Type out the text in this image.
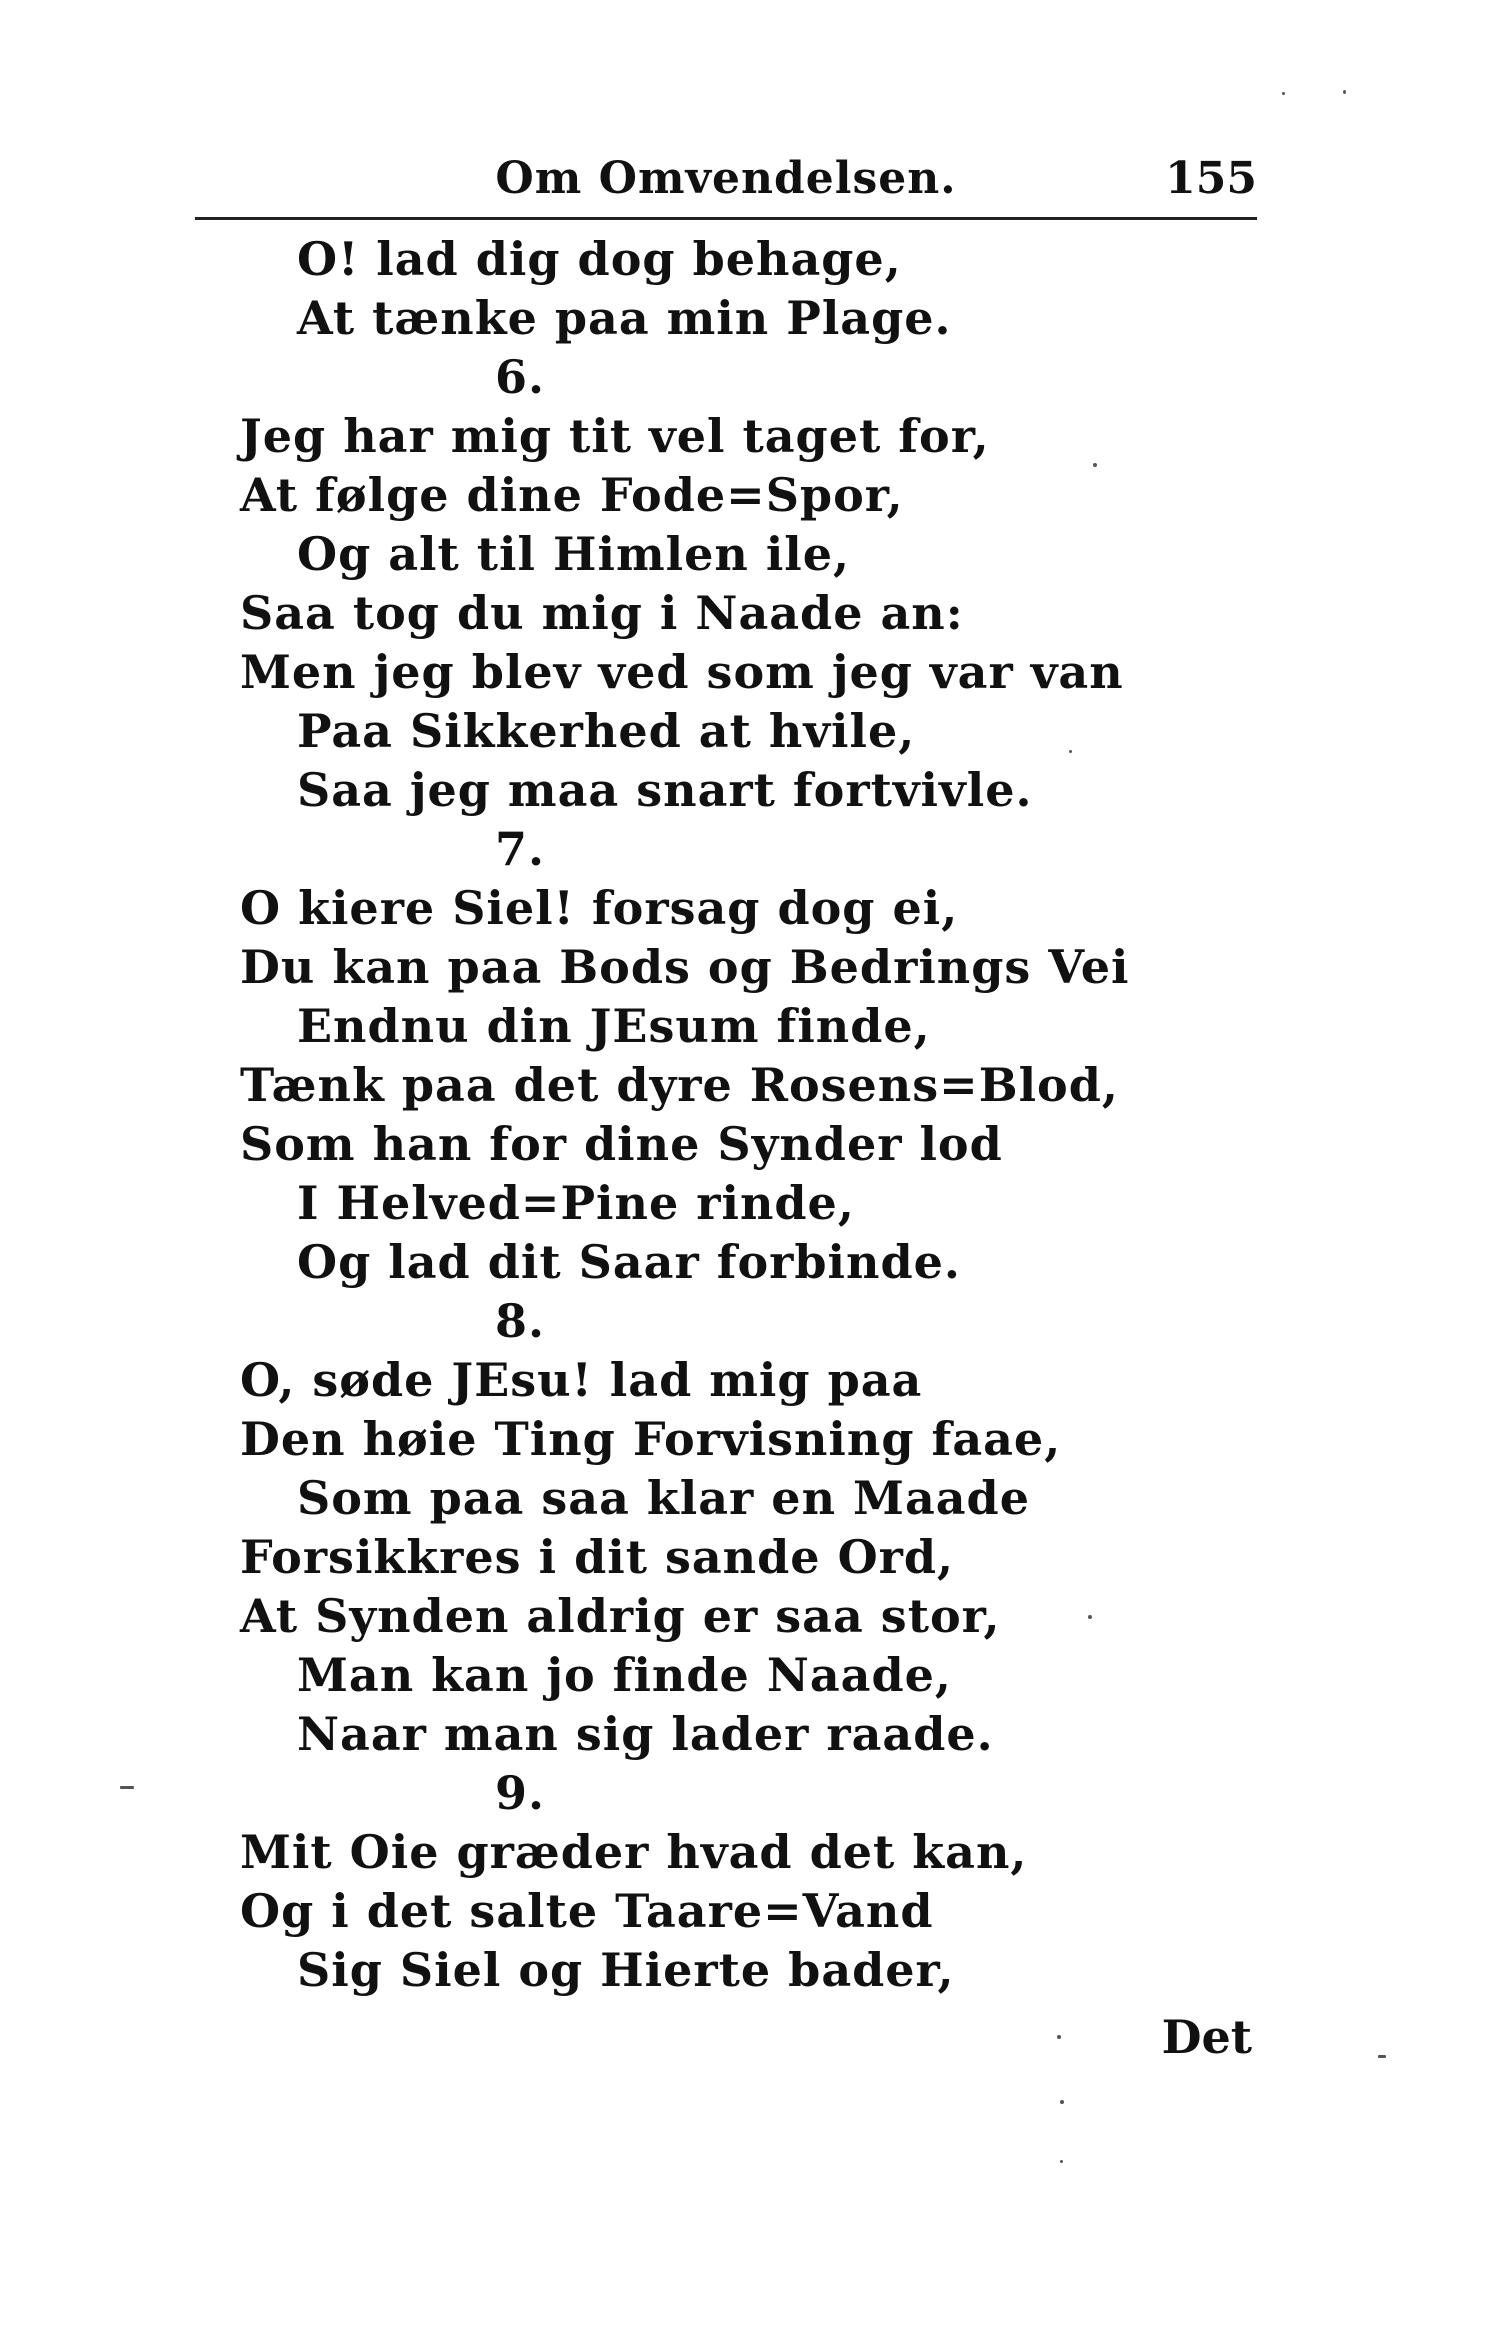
Om Omvendelsen.	155
O! lad dig dog behage,
At tænke paa min Plage.
6.
Jeg har mig tit vel taget for,
At følge dine Fode=Spor,
Og alt til Himlen ile,
Saa tog du mig i Naade an:
Men jeg blev ved som jeg var van
Paa Sikkerhed at hvile,
Saa jeg maa snart fortvivle.
7.
O kiere Siel! forsag dog ei,
Du kan paa Bods og Bedrings Vei
Endnu din JEsum finde,
Tænk paa det dyre Rosens=Blod,
Som han for dine Synder lod
I Helved=Pine rinde,
Og lad dit Saar forbinde.
8.
O, søde JEsu! lad mig paa
Den høie Ting Forvisning faae,
Som paa saa klar en Maade
Forsikkres i dit sande Ord,
At Synden aldrig er saa stor,
Man kan jo finde Naade,
Naar man sig lader raade.
9.
Mit Oie græder hvad det kan,
Og i det salte Taare=Vand
Sig Siel og Hierte bader,
Det
